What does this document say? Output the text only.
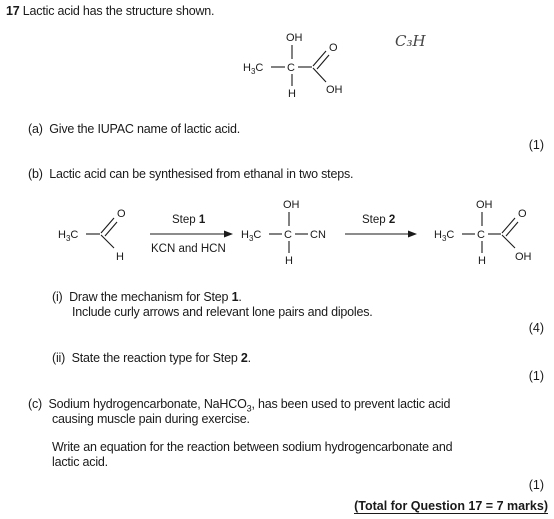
17 Lactic acid has the structure shown.
OH
$H_3C$ C
H
O
OH
C₃H
(a) Give the IUPAC name of lactic acid.
(1)
(b) Lactic acid can be synthesised from ethanal in two steps.
$H_3C$
O
H
Step 1
KCN and HCN
OH
$H_3C$ C CN
H
Step 2
OH
$H_3C$ C
O
OH
H
(i) Draw the mechanism for Step 1.
Include curly arrows and relevant lone pairs and dipoles.
(4)
(ii) State the reaction type for Step 2.
(1)
(c) Sodium hydrogencarbonate, NaHCO$_3$, has been used to prevent lactic acid
causing muscle pain during exercise.
Write an equation for the reaction between sodium hydrogencarbonate and
lactic acid.
(1)
(Total for Question 17 = 7 marks)
